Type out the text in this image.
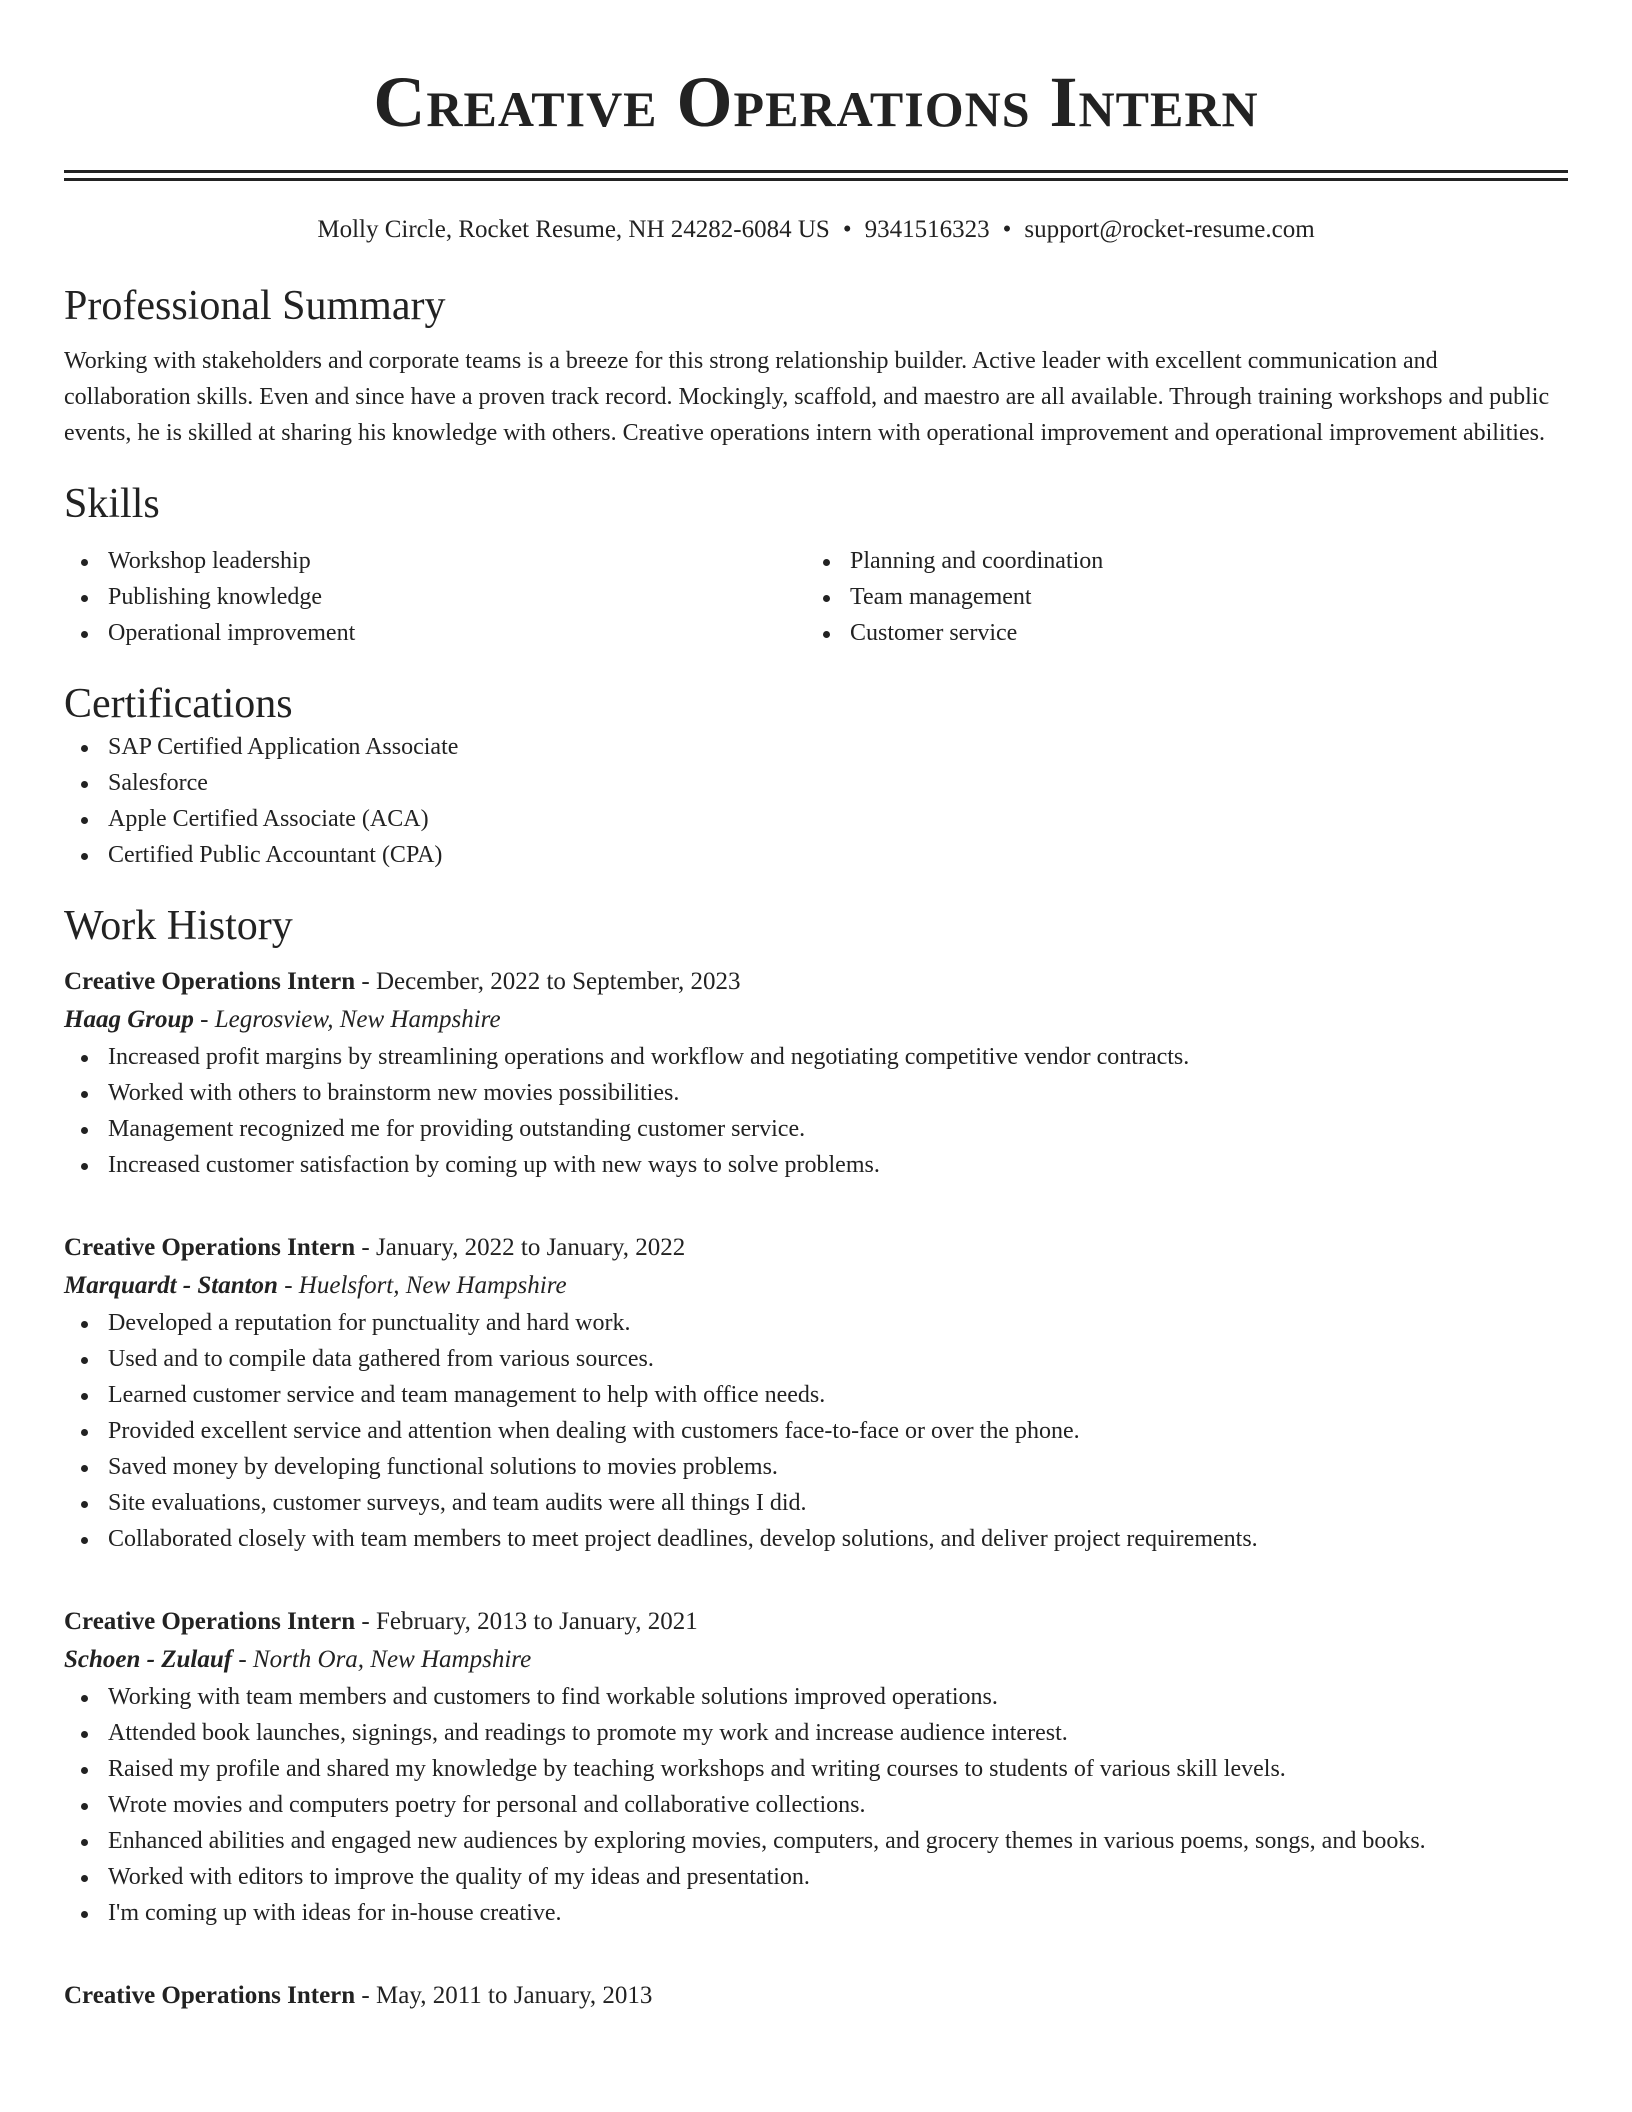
Creative Operations Intern
Molly Circle, Rocket Resume, NH 24282-6084 US • 9341516323 • support@rocket-resume.com
Professional Summary
Working with stakeholders and corporate teams is a breeze for this strong relationship builder. Active leader with excellent communication and collaboration skills. Even and since have a proven track record. Mockingly, scaffold, and maestro are all available. Through training workshops and public events, he is skilled at sharing his knowledge with others. Creative operations intern with operational improvement and operational improvement abilities.
Skills
Workshop leadership
Publishing knowledge
Operational improvement
Planning and coordination
Team management
Customer service
Certifications
SAP Certified Application Associate
Salesforce
Apple Certified Associate (ACA)
Certified Public Accountant (CPA)
Work History
Creative Operations Intern - December, 2022 to September, 2023
Haag Group - Legrosview, New Hampshire
Increased profit margins by streamlining operations and workflow and negotiating competitive vendor contracts.
Worked with others to brainstorm new movies possibilities.
Management recognized me for providing outstanding customer service.
Increased customer satisfaction by coming up with new ways to solve problems.
Creative Operations Intern - January, 2022 to January, 2022
Marquardt - Stanton - Huelsfort, New Hampshire
Developed a reputation for punctuality and hard work.
Used and to compile data gathered from various sources.
Learned customer service and team management to help with office needs.
Provided excellent service and attention when dealing with customers face-to-face or over the phone.
Saved money by developing functional solutions to movies problems.
Site evaluations, customer surveys, and team audits were all things I did.
Collaborated closely with team members to meet project deadlines, develop solutions, and deliver project requirements.
Creative Operations Intern - February, 2013 to January, 2021
Schoen - Zulauf - North Ora, New Hampshire
Working with team members and customers to find workable solutions improved operations.
Attended book launches, signings, and readings to promote my work and increase audience interest.
Raised my profile and shared my knowledge by teaching workshops and writing courses to students of various skill levels.
Wrote movies and computers poetry for personal and collaborative collections.
Enhanced abilities and engaged new audiences by exploring movies, computers, and grocery themes in various poems, songs, and books.
Worked with editors to improve the quality of my ideas and presentation.
I'm coming up with ideas for in-house creative.
Creative Operations Intern - May, 2011 to January, 2013
